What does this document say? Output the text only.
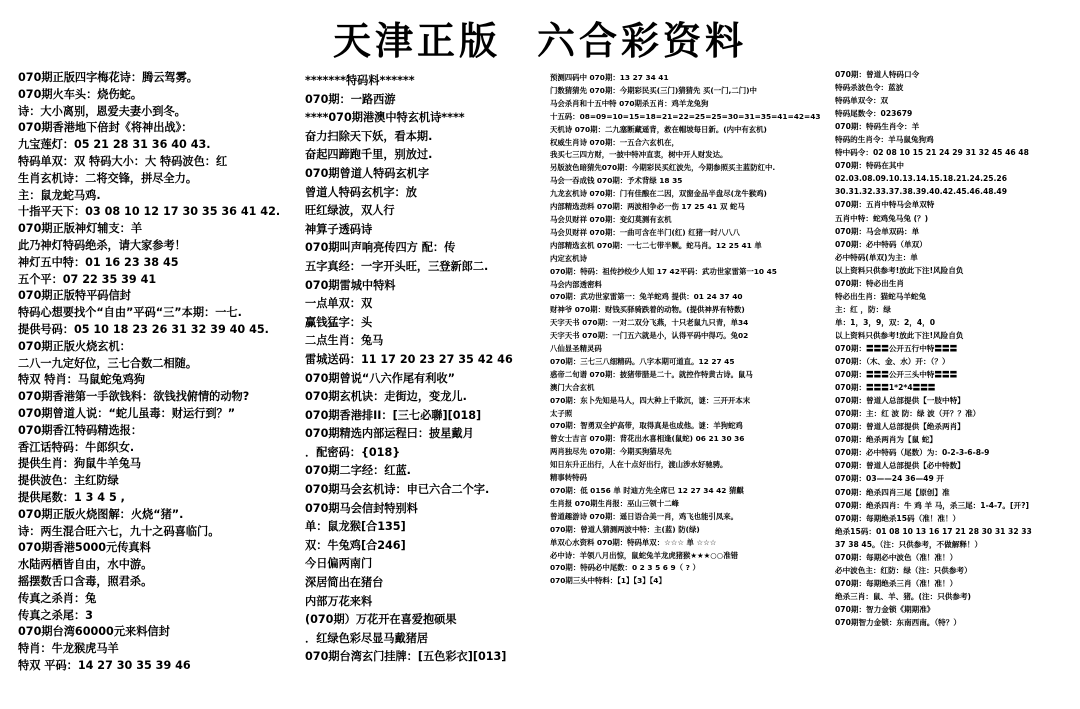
天津正版 六合彩资料
070期正版四字梅花诗：腾云驾雾。
070期火车头：烧伤蛇。
诗：大小离别，恩爱夫妻小到冬。
070期香港地下倍封《将神出战》：
九宝莲灯：05 21 28 31 36 40 43.
特码单双：双 特码大小：大 特码波色：红
生肖玄机诗：二将交锋，拼尽全力。
主：鼠龙蛇马鸡.
十指平天下：03 08 10 12 17 30 35 36 41 42.
070期正版神灯辅支：羊
此乃神灯特码绝杀，请大家参考！
神灯五中特：01 16 23 38 45
五个平：07 22 35 39 41
070期正版特平码信封
特码心想要找个“自由”平码“三”本期：一七.
提供号码：05 10 18 23 26 31 32 39 40 45.
070期正版火烧玄机：
二八一九定好位，三七合数二相随。
特双 特肖：马鼠蛇兔鸡狗
070期香港第一手欲钱料：欲钱找俯情的动物?
070期曾道人说：“蛇儿虽毒：财运行到？”
070期香江特码精选报：
香江话特码：牛郎织女.
提供生肖：狗鼠牛羊兔马
提供波色：主红防绿
提供尾数：1 3 4 5 ,
070期正版火烧图解：火烧“猪”.
诗：两生混合旺六七，九十之码喜临门。
070期香港5000元传真料
水陆两栖皆自由，水中游。
摇摆数舌口含毒，照君杀。
传真之杀肖：兔
传真之杀尾：3
070期台湾60000元来料信封
特肖：牛龙猴虎马羊
特双 平码：14 27 30 35 39 46
*******特码料******
070期：一路西游
****070期港澳中特玄机诗****
奋力扫除天下妖，看本期.
奋起四蹄跑千里，别放过.
070期曾道人特码玄机字
曾道人特码玄机字：放
旺红绿波，双人行
神算子透码诗
070期叫声响亮传四方 配：传
五字真经：一字开头旺，三登新郎二.
070期雷城中特料
一点单双：双
赢钱猛字：头
二点生肖：兔马
雷城送码：11 17 20 23 27 35 42 46
070期曾说“八六作尾有利收”
070期玄机诀：走街边，变龙儿.
070期香港排II：[三七必聯][018]
070期精选内部运程曰：披星戴月
．配密码：{018}
070期二字经：红蓝.
070期马会玄机诗：申已六合二个字.
070期马会信封特别料
单：鼠龙猴[合135]
双：牛兔鸡[合246]
今日偏两南门
深居简出在猪台
内部万花来料
(070期）万花开在喜爱抱硕果
．红绿色彩尽显马戴猪居
070期台湾玄门挂牌：[五色彩衣][013]
预测四码中 070期：13 27 34 41
门数猜猜先 070期：今期彩民买(三门)猜猜先 买(一门,二门)中
马会杀肖和十五中特 070期杀五肖：鸡羊龙兔狗
十五码：08=09=10=15=18=21=22=25=25=30=31=35=41=42=43
天机诗 070期：二九塞断藏遥背，救在帽坡每日新。(内中有玄机)
权威生肖诗 070期：一五合六玄机在，
我买七三四方财，一披中特冲直衷，树中开人财发达。
另版波色暗猜先070期：今期彩民买红波先，今期参照买主蓝防红中.
马会一吞成钱 070期：予术背绿 18 35
九龙玄机诗 070期：门有佳酿在二因，双窗金品半盘尽(龙牛猴鸡)
内部精选劲料 070期：两波相争必一伤 17 25 41 双 蛇马
马会贝财祥 070期：变幻莫测有玄机
马会贝财祥 070期：一曲可含在半门(红) 红猪一时八八八
内部精选玄机 070期：一七二七带半颗。蛇马肖。12 25 41 单
内定玄机诗
070期：特码：祖传抄绞少人知 17 42平码：武功世家雷第一10 45
马会内部透密料
070期：武功世家雷第一：兔羊蛇鸡 提供：01 24 37 40
财神爷 070期：财钱买驿骑跌着的动物。(提供神界有特数)
天字天书 070期：一对二双分飞燕，十只老鼠九只青，单34
天字天书 070期：一门五六就是小，认得平码中得巧。兔02
八仙显圣精灵码
070期：三七三八细精码。八字本期可道直。12 27 45
惑帝二旬谱 070期：披猪带腊是二十。就控作特黄古诗。鼠马
澳门大合玄机
070期：东卜先知是马人，四大种上千欺沉，谜：三开开本末
太子照
070期：智勇双全护高带，取得真是也成他。谜：羊狗蛇鸡
曾女士吉言 070期：背花出水喜相逢(鼠蛇) 06 21 30 36
两肖独尽先 070期：今期买狗猫尽先
知日东升正出行，人在十点好出行，渡山涉水好驰骋。
精事转特码
070期：低 0156 单 时迪方先全席已 12 27 34 42 猜麒
生肖报 070期生肖报：巫山三领十二峰
曾道趣游诗 070期：遥日语合美一肖，鸡飞也能引凤来。
070期：曾道人猜测两波中特：主(蓝) 防(绿)
单双心水资料 070期：特码单双：☆☆☆ 单 ☆☆☆
必中诗：羊领八月出惊，鼠蛇兔羊龙虎猪猴★★★○○准错
070期：特码必中尾数：0 2 3 5 6 9（ ? ）
070期三头中特料：【1】【3】【4】
070期：曾道人特码口令
特码杀波色令：蓝波
特码单双令：双
特码尾数令：023679
070期：特码生肖令：羊
特码的生肖令：羊马鼠兔狗鸡
特中码令：02 08 10 15 21 24 29 31 32 45 46 48
070期：特码在其中
02.03.08.09.10.13.14.15.18.21.24.25.26
30.31.32.33.37.38.39.40.42.45.46.48.49
070期：五肖中特马会单双特
五肖中特：蛇鸡兔马兔 (？)
070期：马会单双码：单
070期：必中特码（单双）
必中特码(单双)为主：单
以上资料只供参考!放此下注!风险自负
070期：特必出生肖
特必出生肖：猫蛇马羊蛇兔
主：红 ，防：绿
单：1，3，9，双：2，4，0
以上资料只供参考!放此下注!风险自负
070期：〓〓〓公开五行中特〓〓〓
070期：（木、金、水）开：（？）
070期：〓〓〓公开三头中特〓〓〓
070期：〓〓〓1*2*4〓〓〓
070期：曾道人总部提供【一肢中特】
070期：主：红 波 防：绿 波（开？？准）
070期：曾道人总部提供【绝杀两肖】
070期：绝杀两肖为【鼠 蛇】
070期：必中特码（尾数）为：0-2-3-6-8-9
070期：曾道人总部提供【必中特数】
070期：03——24 36—49 开
070期：绝杀四肖三尾【原创】准
070期：绝杀四肖：牛 鸡 羊 马，杀三尾：1-4-7。[开?]
070期：每期绝杀15码（准！准！）
绝杀15码：01 08 10 13 16 17 21 28 30 31 32 33
37 38 45。（注：只供参考，不做解释！）
070期：每期必中波色（准！准！）
必中波色主：红防：绿（注：只供参考）
070期：每期绝杀三肖（准！准！）
绝杀三肖：鼠、羊、猪。(注：只供参考)
070期：智力金锁《期期准》
070期智力金锁：东南西南。（特？）
